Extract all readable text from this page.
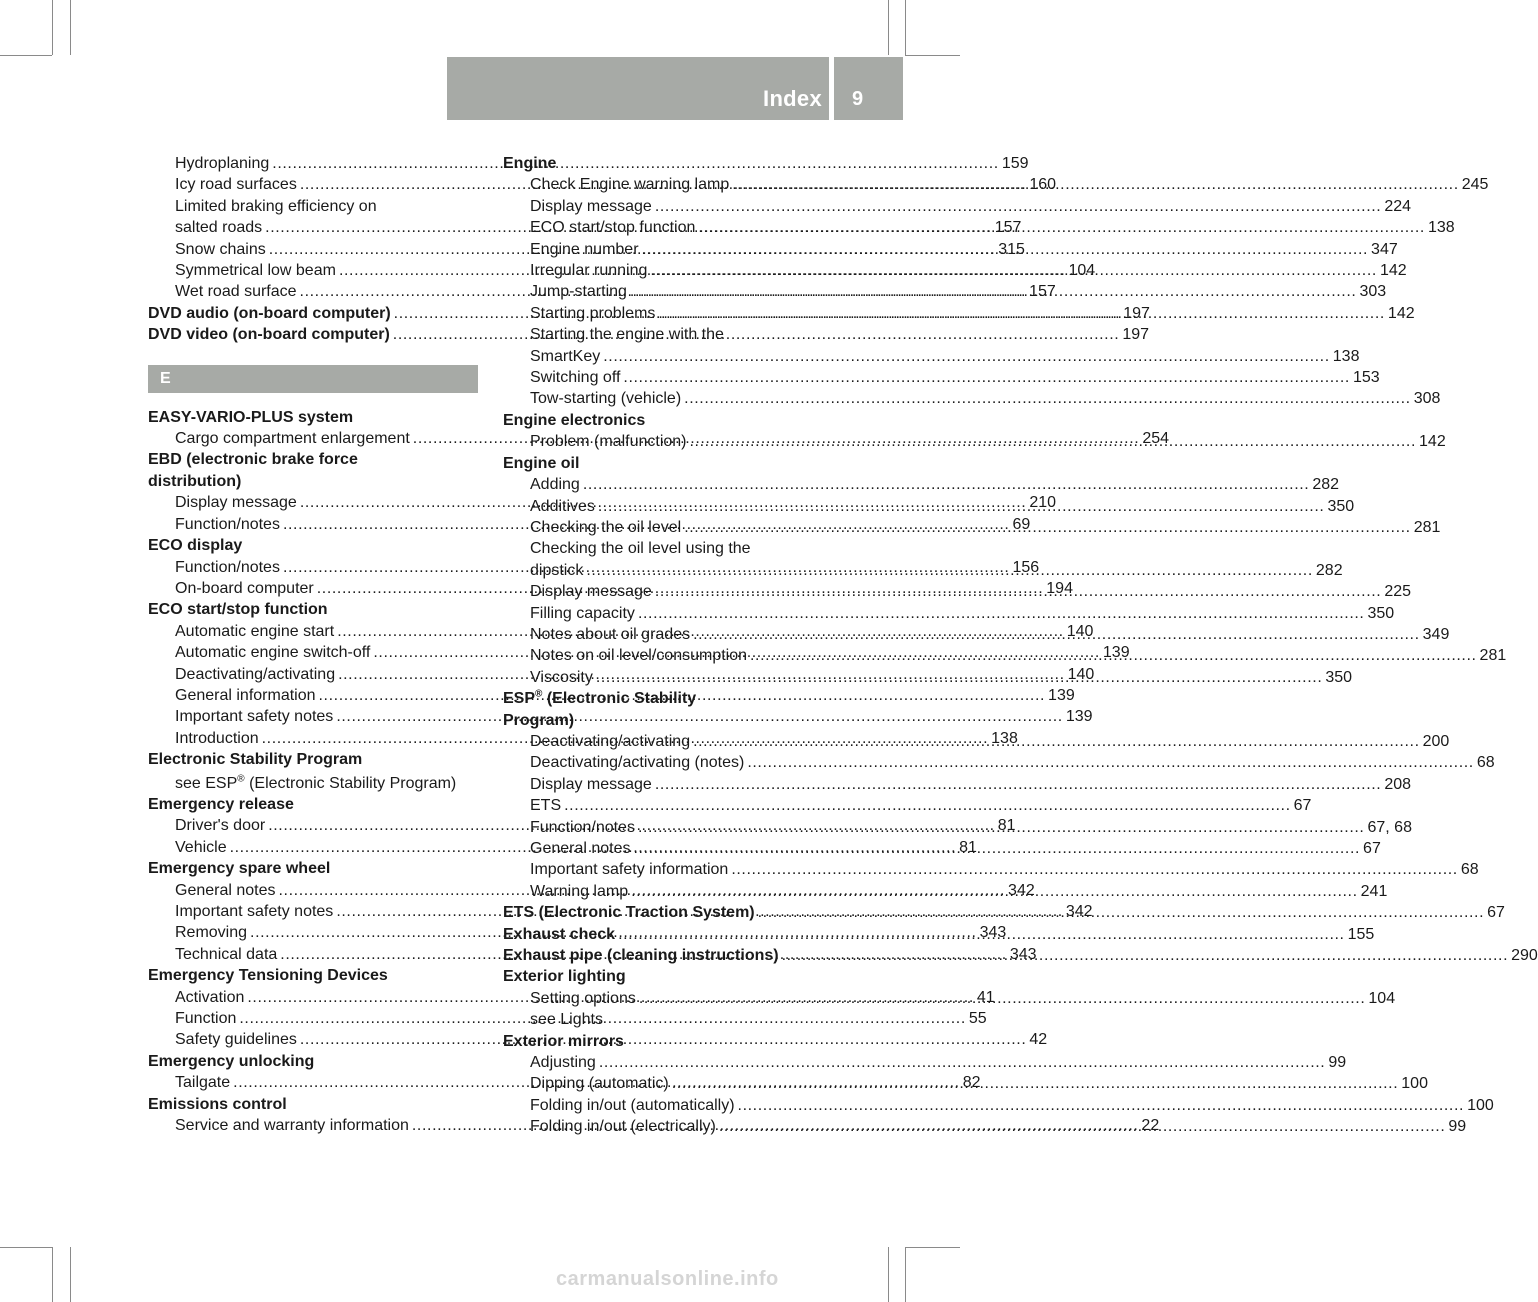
Index 9
Hydroplaning .....	159
Icy road surfaces .....	160
Limited braking efficiency on
salted roads .....	157
Snow chains .....	315
Symmetrical low beam .....	104
Wet road surface .....	157
DVD audio (on-board computer) .....	197
DVD video (on-board computer) .....	197
E
EASY-VARIO-PLUS system
Cargo compartment enlargement .....	254
EBD (electronic brake force
distribution)
Display message .....	210
Function/notes .....	69
ECO display
Function/notes .....	156
On-board computer .....	194
ECO start/stop function
Automatic engine start .....	140
Automatic engine switch-off .....	139
Deactivating/activating .....	140
General information .....	139
Important safety notes .....	139
Introduction .....	138
Electronic Stability Program
see ESP® (Electronic Stability Program)
Emergency release
Driver's door .....	81
Vehicle .....	81
Emergency spare wheel
General notes .....	342
Important safety notes .....	342
Removing .....	343
Technical data .....	343
Emergency Tensioning Devices
Activation .....	41
Function .....	55
Safety guidelines .....	42
Emergency unlocking
Tailgate .....	82
Emissions control
Service and warranty information .....	22
Engine
Check Engine warning lamp .....	245
Display message .....	224
ECO start/stop function .....	138
Engine number .....	347
Irregular running .....	142
Jump-starting .....	303
Starting problems .....	142
Starting the engine with the
SmartKey .....	138
Switching off .....	153
Tow-starting (vehicle) .....	308
Engine electronics
Problem (malfunction) .....	142
Engine oil
Adding .....	282
Additives .....	350
Checking the oil level .....	281
Checking the oil level using the
dipstick .....	282
Display message .....	225
Filling capacity .....	350
Notes about oil grades .....	349
Notes on oil level/consumption .....	281
Viscosity .....	350
ESP® (Electronic Stability
Program)
Deactivating/activating .....	200
Deactivating/activating (notes) .....	68
Display message .....	208
ETS .....	67
Function/notes .....	67, 68
General notes .....	67
Important safety information .....	68
Warning lamp .....	241
ETS (Electronic Traction System) .....	67
Exhaust check .....	155
Exhaust pipe (cleaning instructions) .....	290
Exterior lighting
Setting options .....	104
see Lights
Exterior mirrors
Adjusting .....	99
Dipping (automatic) .....	100
Folding in/out (automatically) .....	100
Folding in/out (electrically) .....	99
carmanualsonline.info
